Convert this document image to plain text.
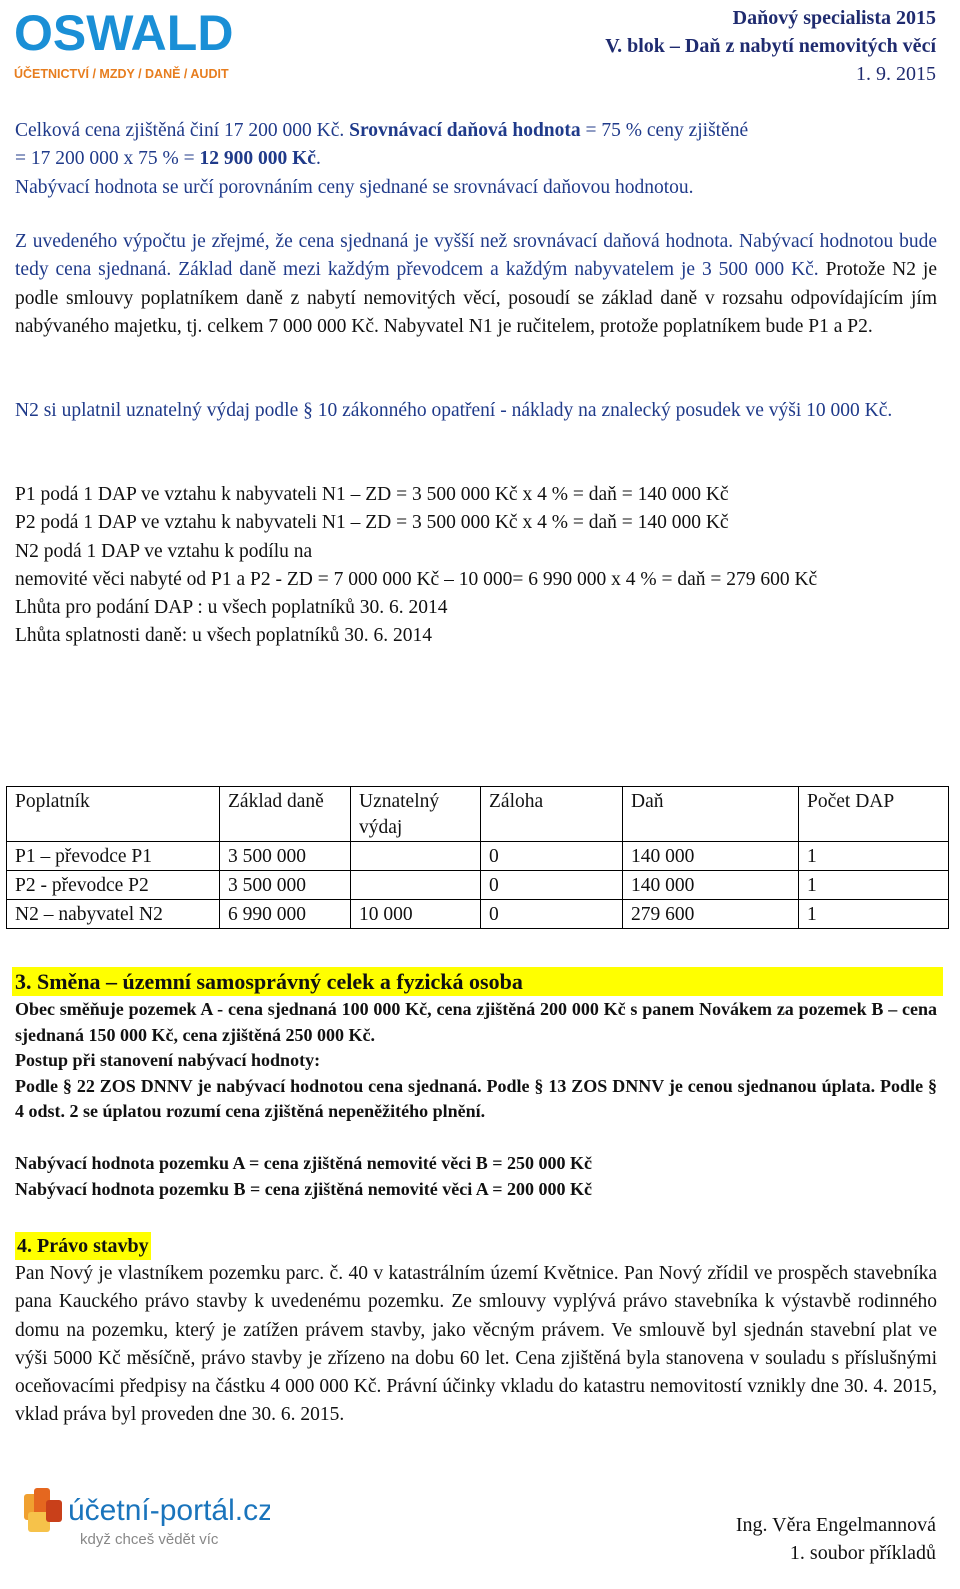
OSWALD
ÚČETNICTVÍ / MZDY / DANĚ / AUDIT
Daňový specialista 2015
V. blok – Daň z nabytí nemovitých věcí
1. 9. 2015
Celková cena zjištěná činí 17 200 000 Kč. Srovnávací daňová hodnota = 75 % ceny zjištěné
= 17 200 000 x 75 % = 12 900 000 Kč.
Nabývací hodnota se určí porovnáním ceny sjednané se srovnávací daňovou hodnotou.
Z uvedeného výpočtu je zřejmé, že cena sjednaná je vyšší než srovnávací daňová hodnota. Nabývací hodnotou bude tedy cena sjednaná. Základ daně mezi každým převodcem a každým nabyvatelem je 3 500 000 Kč. Protože N2 je podle smlouvy poplatníkem daně z nabytí nemovitých věcí, posoudí se základ daně v rozsahu odpovídajícím jím nabývaného majetku, tj. celkem 7 000 000 Kč. Nabyvatel N1 je ručitelem, protože poplatníkem bude P1 a P2.
N2 si uplatnil uznatelný výdaj podle § 10 zákonného opatření - náklady na znalecký posudek ve výši 10 000 Kč.
P1 podá 1 DAP ve vztahu k nabyvateli N1 – ZD = 3 500 000 Kč x 4 % = daň = 140 000 Kč
P2 podá 1 DAP ve vztahu k nabyvateli N1 – ZD = 3 500 000 Kč x 4 % = daň = 140 000 Kč
N2 podá 1 DAP ve vztahu k podílu na
nemovité věci nabyté od P1 a P2 - ZD = 7 000 000 Kč – 10 000= 6 990 000 x 4 % = daň = 279 600 Kč
Lhůta pro podání DAP : u všech poplatníků 30. 6. 2014
Lhůta splatnosti daně: u všech poplatníků 30. 6. 2014
Poplatník	Základ daně	Uznatelný výdaj	Záloha	Daň	Počet DAP
P1 – převodce P1	3 500 000		0	140 000	1
P2 - převodce P2	3 500 000		0	140 000	1
N2 – nabyvatel N2	6 990 000	10 000	0	279 600	1
3. Směna – územní samosprávný celek a fyzická osoba
Obec směňuje pozemek A - cena sjednaná 100 000 Kč, cena zjištěná 200 000 Kč s panem Novákem za pozemek B – cena sjednaná 150 000 Kč, cena zjištěná 250 000 Kč.
Postup při stanovení nabývací hodnoty:
Podle § 22 ZOS DNNV je nabývací hodnotou cena sjednaná. Podle § 13 ZOS DNNV je cenou sjednanou úplata. Podle § 4 odst. 2 se úplatou rozumí cena zjištěná nepeněžitého plnění.
Nabývací hodnota pozemku A = cena zjištěná nemovité věci B = 250 000 Kč
Nabývací hodnota pozemku B = cena zjištěná nemovité věci A = 200 000 Kč
4. Právo stavby
Pan Nový je vlastníkem pozemku parc. č. 40 v katastrálním území Květnice. Pan Nový zřídil ve prospěch stavebníka pana Kauckého právo stavby k uvedenému pozemku. Ze smlouvy vyplývá právo stavebníka k výstavbě rodinného domu na pozemku, který je zatížen právem stavby, jako věcným právem. Ve smlouvě byl sjednán stavební plat ve výši 5000 Kč měsíčně, právo stavby je zřízeno na dobu 60 let. Cena zjištěná byla stanovena v souladu s příslušnými oceňovacími předpisy na částku 4 000 000 Kč. Právní účinky vkladu do katastru nemovitostí vznikly dne 30. 4. 2015, vklad práva byl proveden dne 30. 6. 2015.
účetní-portál.cz
když chceš vědět víc
Ing. Věra Engelmannová
1. soubor příkladů
